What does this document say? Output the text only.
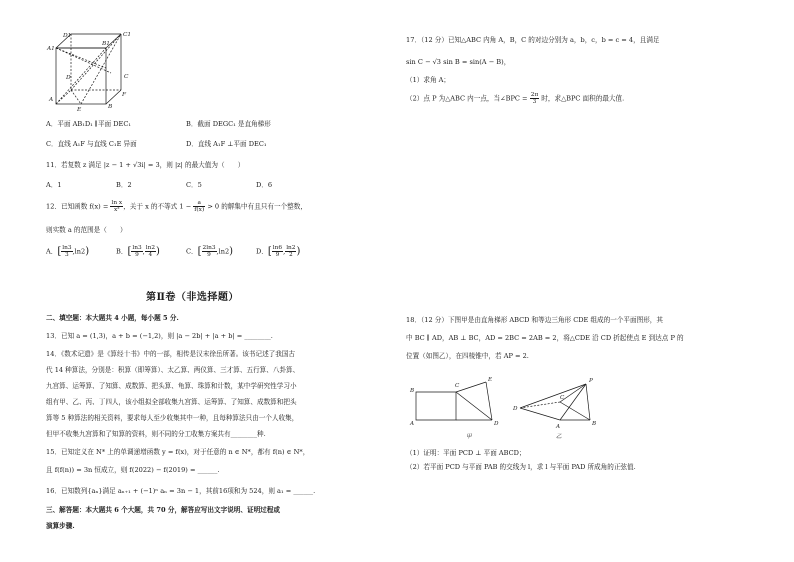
D1	C1
A1
B1
D	C
A
B
E
F
A．平面 AB₁D₁ ∥平面 DEC₁	B．截面 DEGC₁ 是直角梯形
C．直线 A₁F 与直线 C₁E 异面	D．直线 A₁F ⊥平面 DEC₁
11．若复数 z 满足 |z − 1 + √3i| = 3，则 |z| 的最大值为（　　）
A．1	B．2	C．5	D．6
12．已知函数 $f(x) = \frac{\text{ln x}}{\text{x²}}$ ，关于 x 的不等式 $1 - \frac{a}{f(x)} > 0$ 的解集中有且只有一个整数，
则实数 a 的范围是（　　）
A．[ $\frac{\ln 3}{3} ,\ln 2$)	B．[ $\frac{\ln 3}{9}$ , $\frac{\ln 2}{4}$ )	C．[ $\frac{2\ln 3}{9} ,\ln 2$)	D．[ $\frac{\ln 6}{9}$ , $\frac{\ln 2}{2}$ )
第Ⅱ卷（非选择题）
二、填空题：本大题共 4 小题，每小题 5 分.
13．已知 a = (1,3)，a + b = (−1,2)，则 |a − 2b| + |a + b| = ________.
14．《数术记遗》是《算经十书》中的一部，相传是汉末徐岳所著。该书记述了我国古
代 14 种算法，分别是：积算（即筹算）、太乙算、两仪算、三才算、五行算、八卦算、
九宫算、运筹算、了知算、成数算、把头算、龟算、珠算和计数，某中学研究性学习小
组有甲、乙、丙、丁四人，该小组拟全部收集九宫算、运筹算、了知算、成数算和把头
算等 5 种算法的相关资料，要求每人至少收集其中一种，且每种算法只由一个人收集，
但甲不收集九宫算和了知算的资料，则不同的分工收集方案共有________种.
15．已知定义在 N* 上的单调递增函数 y = f(x)，对于任意的 n ∈ N*，都有 f(n) ∈ N*，
且 f(f(n)) = 3n 恒成立，则 f(2022) − f(2019) = ______.
16．已知数列{aₙ}满足 aₙ₊₁ + (−1)ⁿ aₙ = 3n − 1，其前16项和为 524，则 a₁ = ______.
三、解答题：本大题共 6 个大题，共 70 分，解答应写出文字说明、证明过程或
演算步骤.
17．（12 分）已知△ABC 内角 A，B，C 的对边分别为 a，b，c，b = c = 4，且满足
sin C − √3 sin B = sin(A − B)，
（1）求角 A；
（2）点 P 为△ABC 内一点，当∠BPC = $\frac{2\pi}{3}$ 时，求△BPC 面积的最大值.
18．（12 分）下图甲是由直角梯形 ABCD 和等边三角形 CDE 组成的一个平面图形，其
中 BC ∥ AD，AB ⊥ BC，AD = 2BC = 2AB = 2，将△CDE 沿 CD 折起使点 E 到达点 P 的
位置（如图乙），在四棱锥中，若 AP = 2.
B
C
E
A	D
甲
P
D
C
A	B
乙
（1）证明：平面 PCD ⊥ 平面 ABCD；
（2）若平面 PCD 与平面 PAB 的交线为 l，求 l 与平面 PAD 所成角的正弦值.
